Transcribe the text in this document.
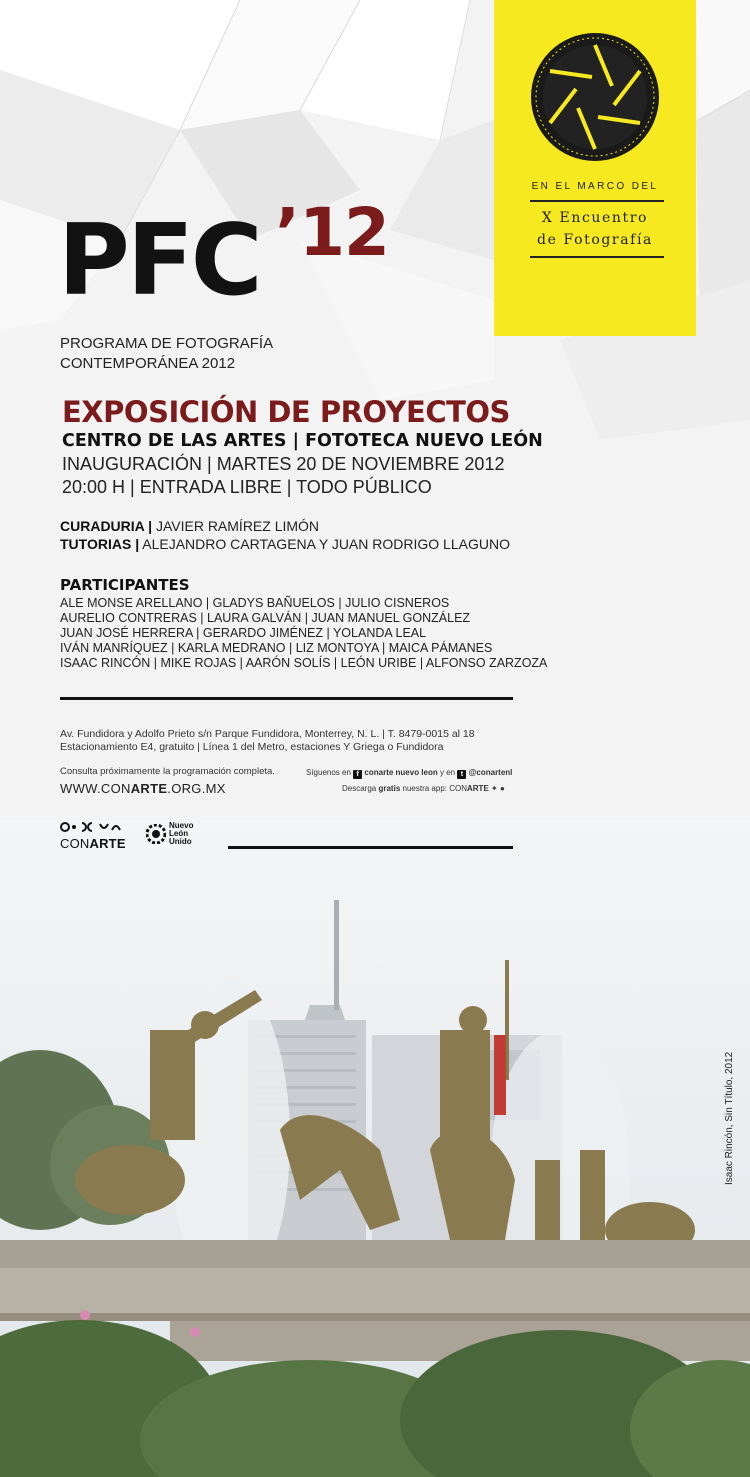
EN EL MARCO DEL
X Encuentro
de Fotografía
PFC ’12
PROGRAMA DE FOTOGRAFÍA
CONTEMPORÁNEA 2012
EXPOSICIÓN DE PROYECTOS
CENTRO DE LAS ARTES | FOTOTECA NUEVO LEÓN
INAUGURACIÓN | MARTES 20 DE NOVIEMBRE 2012
20:00 H | ENTRADA LIBRE | TODO PÚBLICO
CURADURIA | JAVIER RAMÍREZ LIMÓN
TUTORIAS | ALEJANDRO CARTAGENA Y JUAN RODRIGO LLAGUNO
PARTICIPANTES
ALE MONSE ARELLANO | GLADYS BAÑUELOS | JULIO CISNEROS
AURELIO CONTRERAS | LAURA GALVÁN | JUAN MANUEL GONZÁLEZ
JUAN JOSÉ HERRERA | GERARDO JIMÉNEZ | YOLANDA LEAL
IVÁN MANRÍQUEZ | KARLA MEDRANO | LIZ MONTOYA | MAICA PÁMANES
ISAAC RINCÓN | MIKE ROJAS | AARÓN SOLÍS | LEÓN URIBE | ALFONSO ZARZOZA
Av. Fundidora y Adolfo Prieto s/n Parque Fundidora, Monterrey, N. L. | T. 8479-0015 al 18
Estacionamiento E4, gratuito | Línea 1 del Metro, estaciones Y Griega o Fundidora
Consulta próximamente la programación completa.
WWW.CONARTE.ORG.MX
Síguenos en f conarte nuevo leon y en t @conartenl
Descarga gratis nuestra app: CONARTE ✦ ●
CONARTE
Nuevo
León
Unido
Isaac Rincón, Sin Título, 2012
